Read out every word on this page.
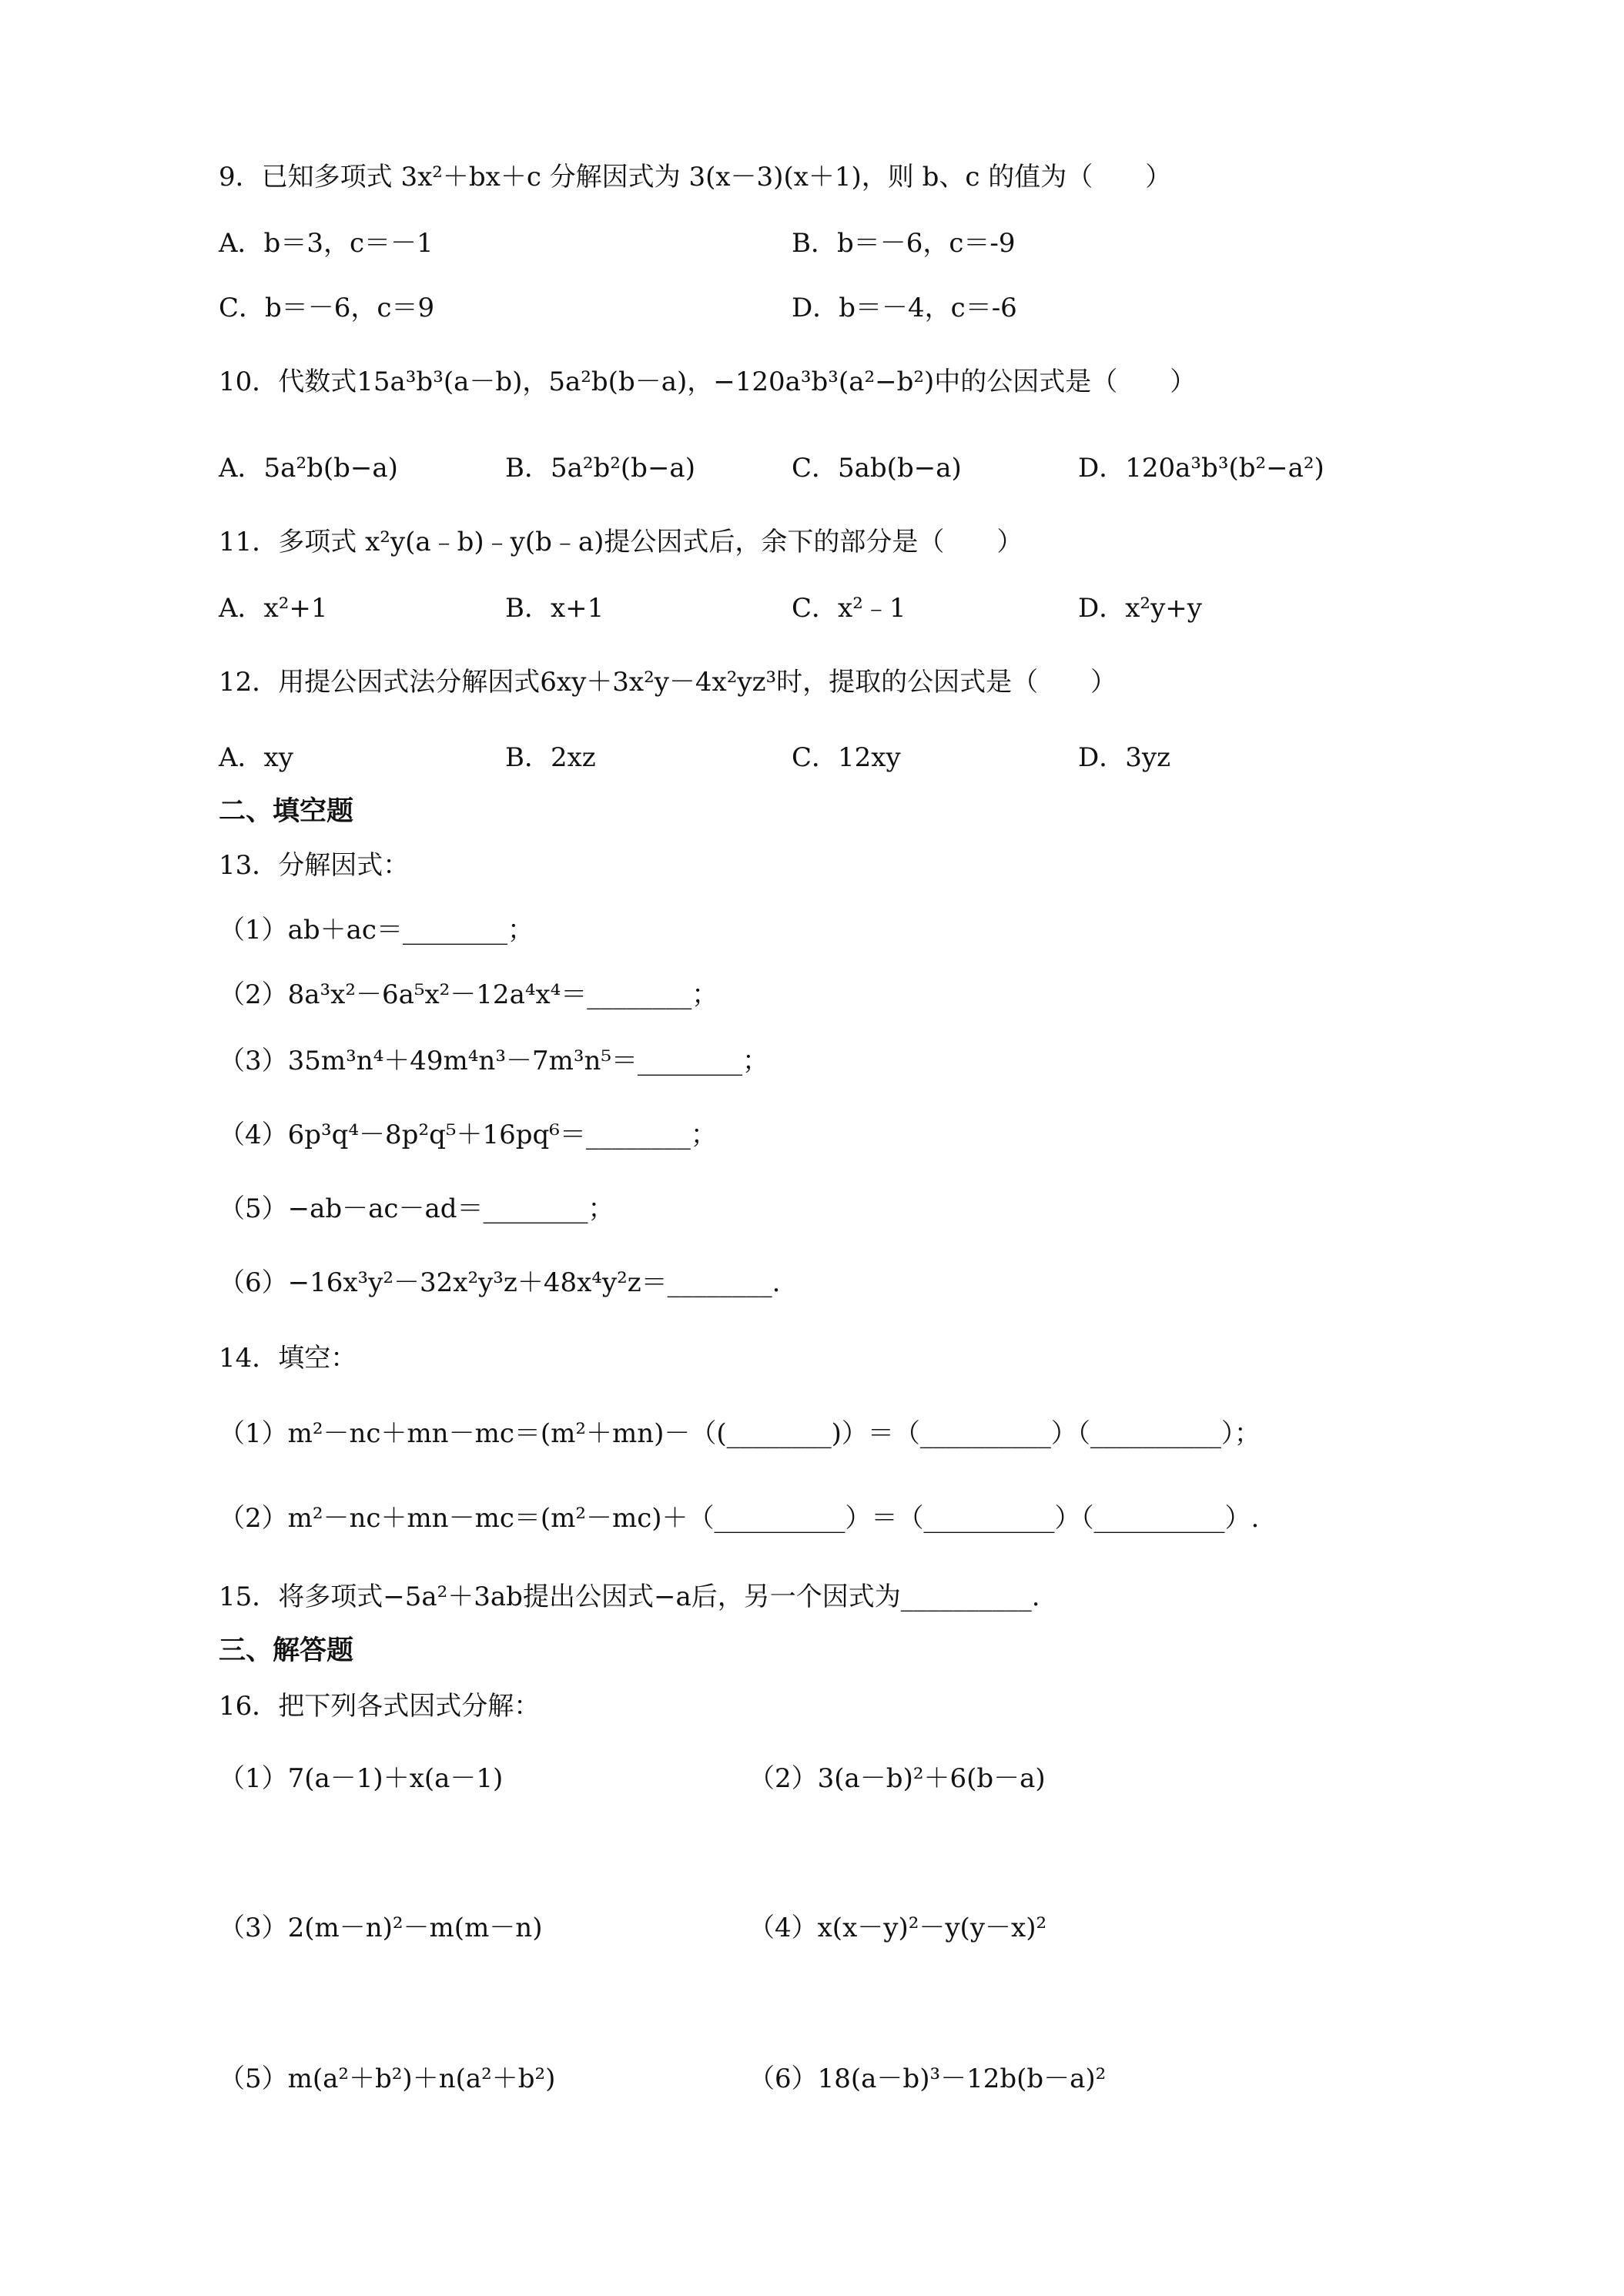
9．已知多项式 3x²＋bx＋c 分解因式为 3(x－3)(x＋1)，则 b、c 的值为（　　）
A．b＝3，c＝－1	B．b＝－6，c＝-9
C．b＝－6，c＝9	D．b＝－4，c＝-6
10．代数式15a³b³(a－b)，5a²b(b－a)，−120a³b³(a²−b²)中的公因式是（　　）
A．5a²b(b−a)	B．5a²b²(b−a)	C．5ab(b−a)	D．120a³b³(b²−a²)
11．多项式 x²y(a﹣b)﹣y(b﹣a)提公因式后，余下的部分是（　　）
A．x²+1	B．x+1	C．x²﹣1	D．x²y+y
12．用提公因式法分解因式6xy＋3x²y－4x²yz³时，提取的公因式是（　　）
A．xy	B．2xz	C．12xy	D．3yz
二、填空题
13．分解因式：
（1）ab＋ac＝________；
（2）8a³x²－6a⁵x²－12a⁴x⁴＝________；
（3）35m³n⁴＋49m⁴n³－7m³n⁵＝________；
（4）6p³q⁴－8p²q⁵＋16pq⁶＝________；
（5）−ab－ac－ad＝________；
（6）−16x³y²－32x²y³z＋48x⁴y²z＝________.
14．填空：
（1）m²－nc＋mn－mc＝(m²＋mn)－（(________)）＝（__________）（__________）；
（2）m²－nc＋mn－mc＝(m²－mc)＋（__________）＝（__________）（__________）.
15．将多项式−5a²＋3ab提出公因式−a后，另一个因式为__________.
三、解答题
16．把下列各式因式分解：
（1）7(a－1)＋x(a－1)	（2）3(a－b)²＋6(b－a)
（3）2(m－n)²－m(m－n)	（4）x(x－y)²－y(y－x)²
（5）m(a²＋b²)＋n(a²＋b²)	（6）18(a－b)³－12b(b－a)²
